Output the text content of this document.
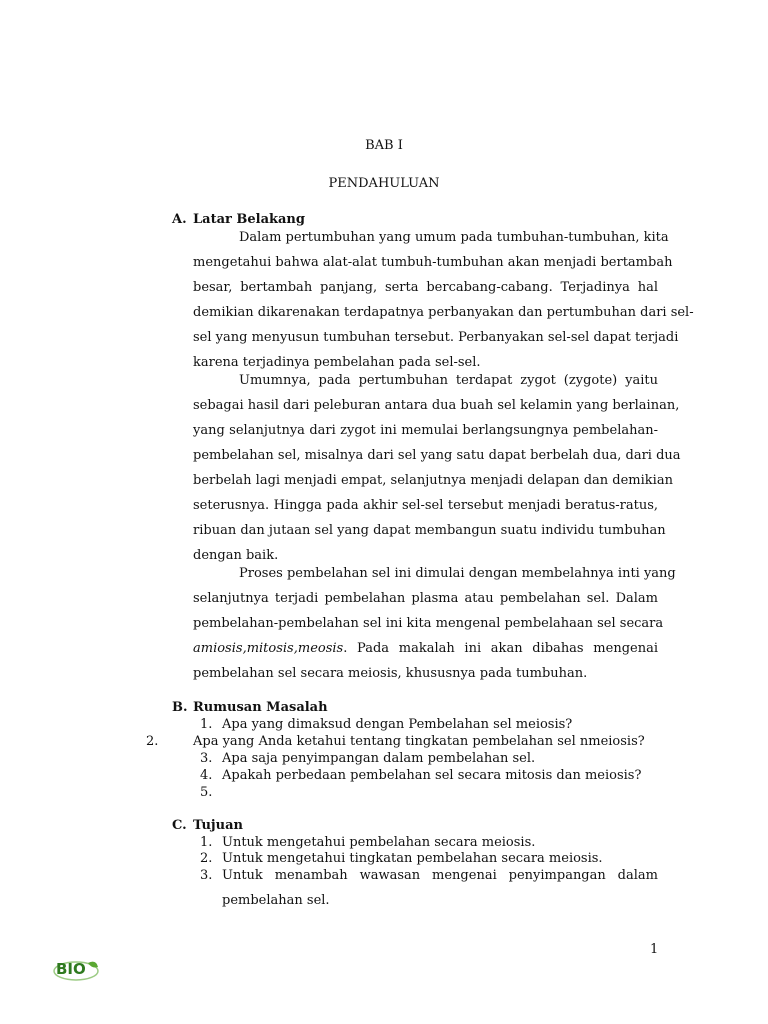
BAB I
PENDAHULUAN
A. Latar Belakang
Dalam pertumbuhan yang umum pada tumbuhan-tumbuhan, kita
mengetahui bahwa alat-alat tumbuh-tumbuhan akan menjadi bertambah
besar, bertambah panjang, serta bercabang-cabang. Terjadinya hal
demikian dikarenakan terdapatnya perbanyakan dan pertumbuhan dari sel-
sel yang menyusun tumbuhan tersebut. Perbanyakan sel-sel dapat terjadi
karena terjadinya pembelahan pada sel-sel.
Umumnya, pada pertumbuhan terdapat zygot (zygote) yaitu
sebagai hasil dari peleburan antara dua buah sel kelamin yang berlainan,
yang selanjutnya dari zygot ini memulai berlangsungnya pembelahan-
pembelahan sel, misalnya dari sel yang satu dapat berbelah dua, dari dua
berbelah lagi menjadi empat, selanjutnya menjadi delapan dan demikian
seterusnya. Hingga pada akhir sel-sel tersebut menjadi beratus-ratus,
ribuan dan jutaan sel yang dapat membangun suatu individu tumbuhan
dengan baik.
Proses pembelahan sel ini dimulai dengan membelahnya inti yang
selanjutnya terjadi pembelahan plasma atau pembelahan sel. Dalam
pembelahan-pembelahan sel ini kita mengenal pembelahaan sel secara
amiosis,mitosis,meosis. Pada makalah ini akan dibahas mengenai
pembelahan sel secara meiosis, khususnya pada tumbuhan.
B. Rumusan Masalah
1. Apa yang dimaksud dengan Pembelahan sel meiosis?
2.	Apa yang Anda ketahui tentang tingkatan pembelahan sel nmeiosis?
3. Apa saja penyimpangan dalam pembelahan sel.
4. Apakah perbedaan pembelahan sel secara mitosis dan meiosis?
5.
C. Tujuan
1. Untuk mengetahui pembelahan secara meiosis.
2. Untuk mengetahui tingkatan pembelahan secara meiosis.
3. Untuk menambah wawasan mengenai penyimpangan dalam
pembelahan sel.
1
BIO
